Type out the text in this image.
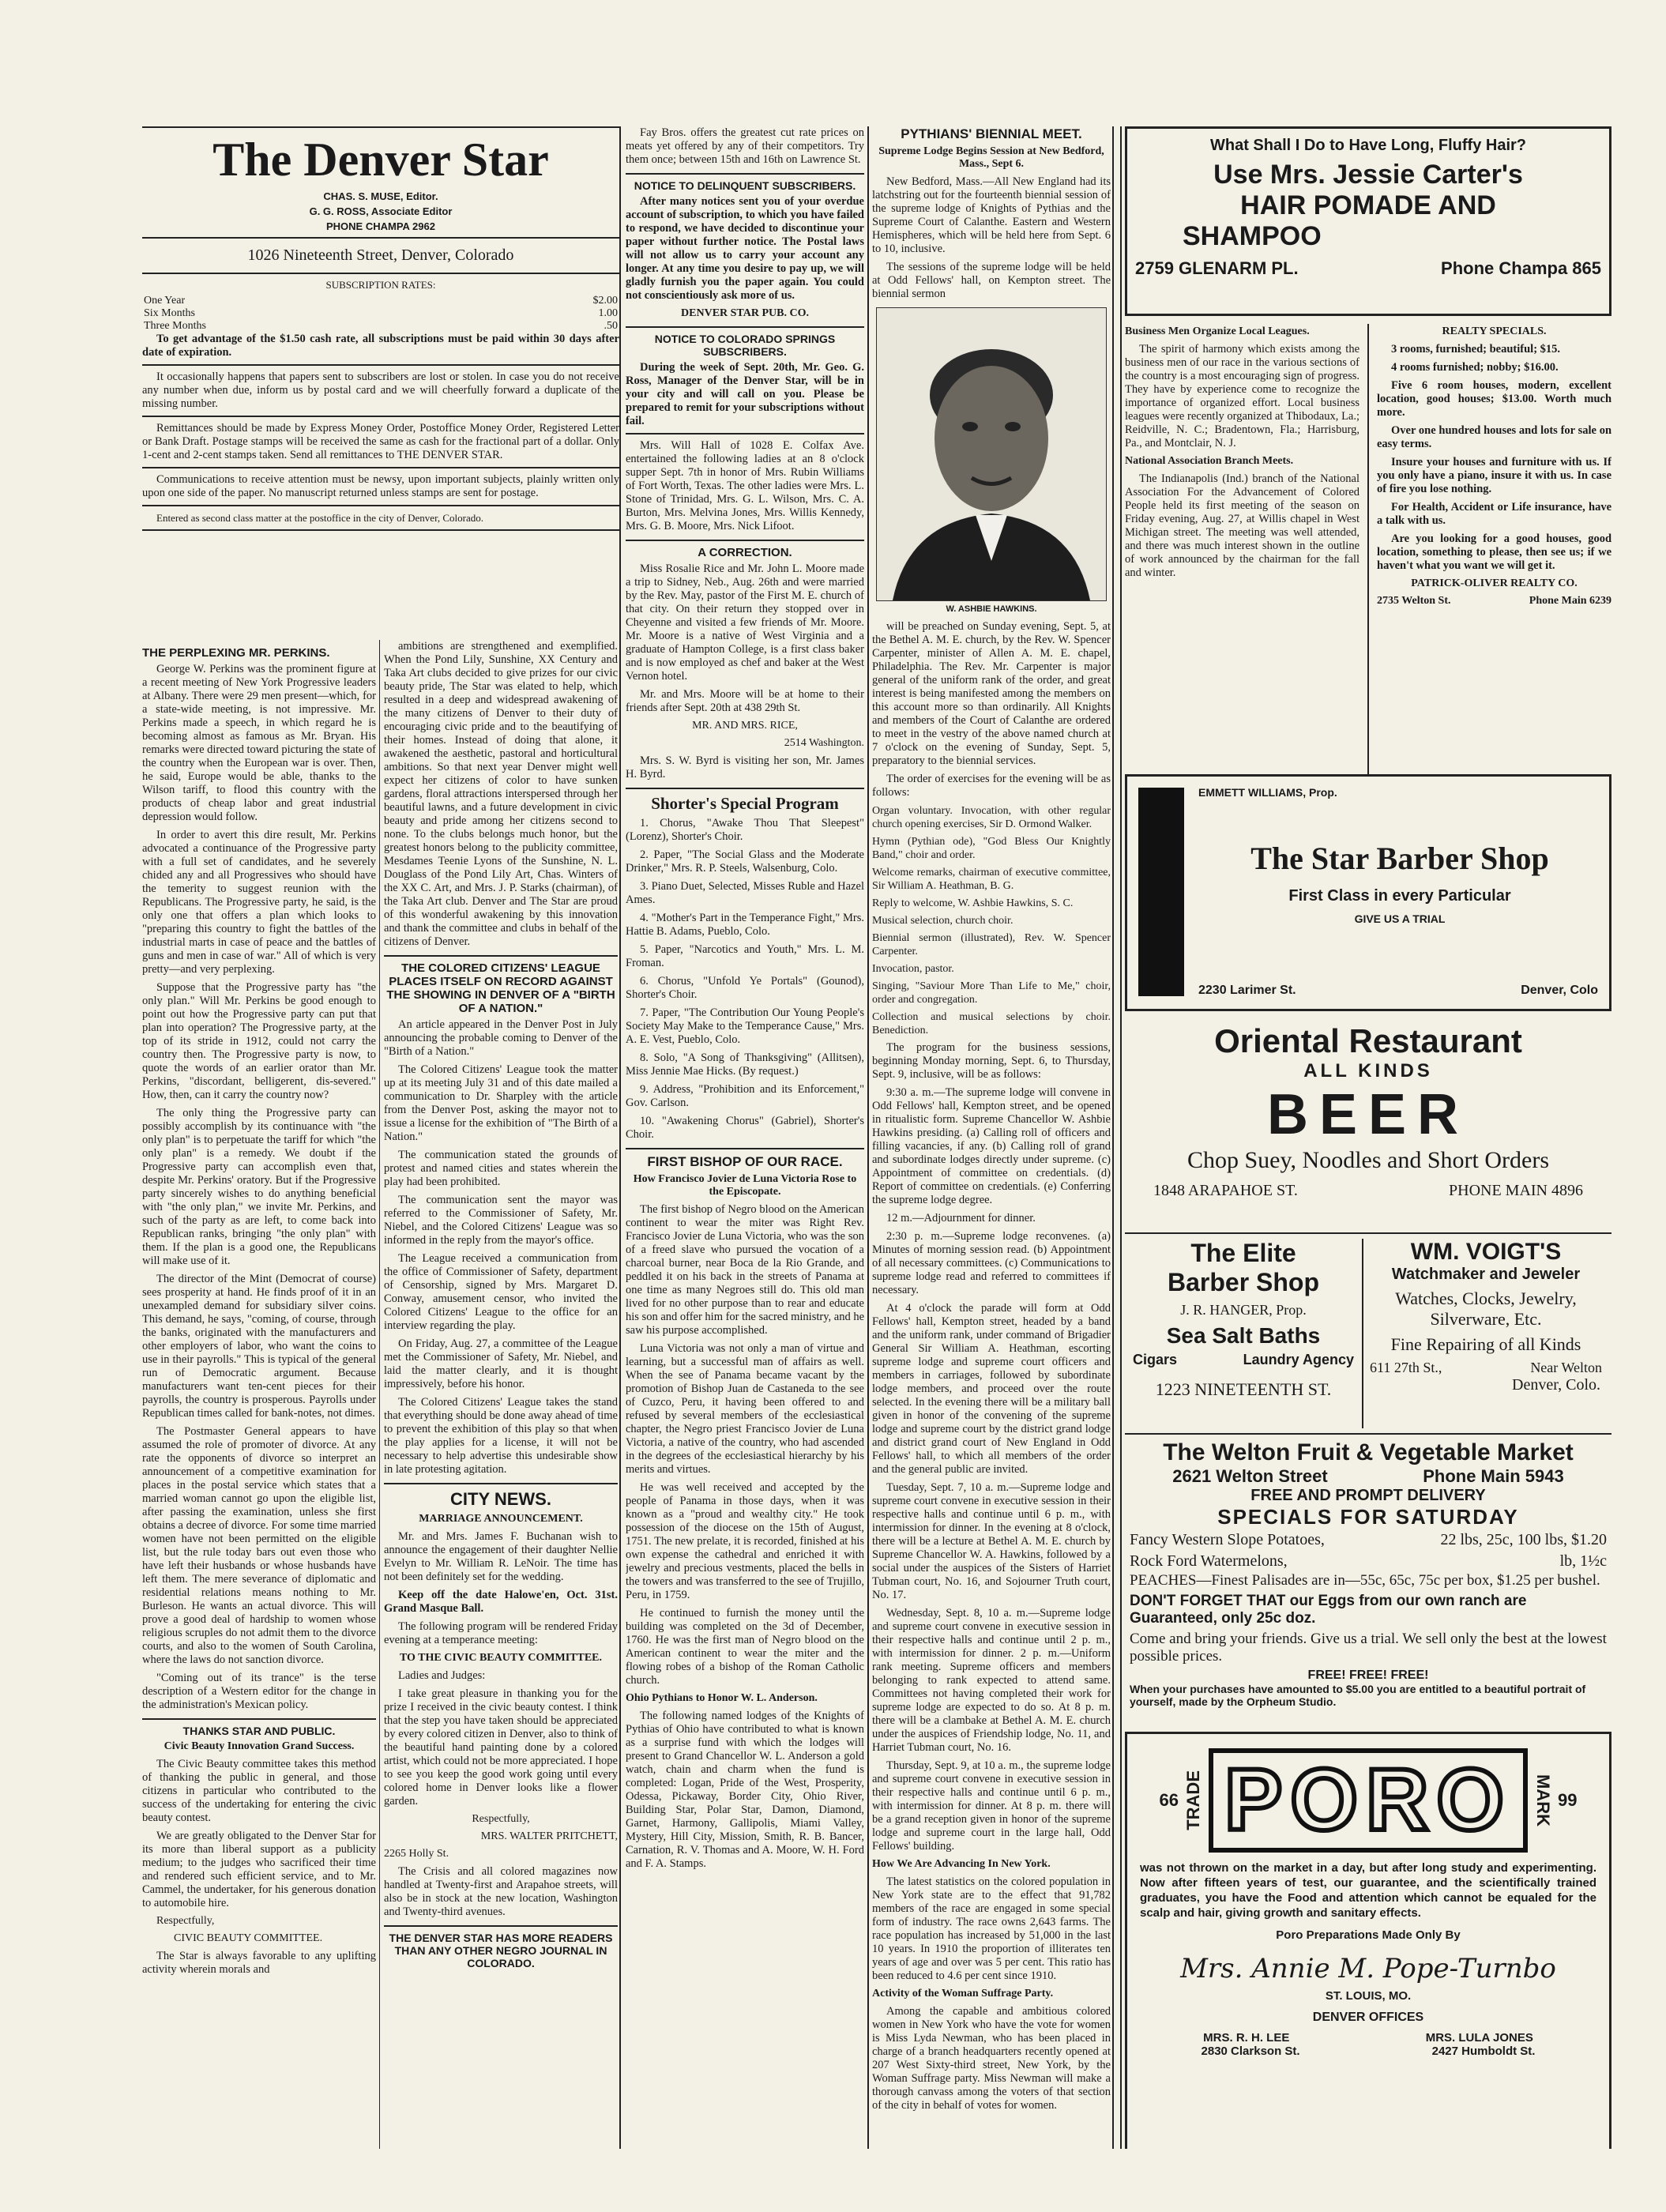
The Denver Star
CHAS. S. MUSE, Editor.
G. G. ROSS, Associate Editor
PHONE CHAMPA 2962
1026 Nineteenth Street, Denver, Colorado
SUBSCRIPTION RATES:
One Year	$2.00
Six Months	1.00
Three Months	.50

To get advantage of the $1.50 cash rate, all subscriptions must be paid within 30 days after date of expiration.

It occasionally happens that papers sent to subscribers are lost or stolen. In case you do not receive any number when due, inform us by postal card and we will cheerfully forward a duplicate of the missing number.

Remittances should be made by Express Money Order, Postoffice Money Order, Registered Letter or Bank Draft. Postage stamps will be received the same as cash for the fractional part of a dollar. Only 1-cent and 2-cent stamps taken. Send all remittances to THE DENVER STAR.

Communications to receive attention must be newsy, upon important subjects, plainly written only upon one side of the paper. No manuscript returned unless stamps are sent for postage.

Entered as second class matter at the postoffice in the city of Denver, Colorado.

THE PERPLEXING MR. PERKINS.

George W. Perkins was the prominent figure at a recent meeting of New York Progressive leaders at Albany. There were 29 men present—which, for a state-wide meeting, is not impressive. Mr. Perkins made a speech, in which regard he is becoming almost as famous as Mr. Bryan. His remarks were directed toward picturing the state of the country when the European war is over. Then, he said, Europe would be able, thanks to the Wilson tariff, to flood this country with the products of cheap labor and great industrial depression would follow.

In order to avert this dire result, Mr. Perkins advocated a continuance of the Progressive party with a full set of candidates, and he severely chided any and all Progressives who should have the temerity to suggest reunion with the Republicans. The Progressive party, he said, is the only one that offers a plan which looks to "preparing this country to fight the battles of the industrial marts in case of peace and the battles of guns and men in case of war." All of which is very pretty—and very perplexing.

Suppose that the Progressive party has "the only plan." Will Mr. Perkins be good enough to point out how the Progressive party can put that plan into operation? The Progressive party, at the top of its stride in 1912, could not carry the country then. The Progressive party is now, to quote the words of an earlier orator than Mr. Perkins, "discordant, belligerent, dis-severed." How, then, can it carry the country now?

The only thing the Progressive party can possibly accomplish by its continuance with "the only plan" is to perpetuate the tariff for which "the only plan" is a remedy. We doubt if the Progressive party can accomplish even that, despite Mr. Perkins' oratory. But if the Progressive party sincerely wishes to do anything beneficial with "the only plan," we invite Mr. Perkins, and such of the party as are left, to come back into Republican ranks, bringing "the only plan" with them. If the plan is a good one, the Republicans will make use of it.

The director of the Mint (Democrat of course) sees prosperity at hand. He finds proof of it in an unexampled demand for subsidiary silver coins. This demand, he says, "coming, of course, through the banks, originated with the manufacturers and other employers of labor, who want the coins to use in their payrolls." This is typical of the general run of Democratic argument. Because manufacturers want ten-cent pieces for their payrolls, the country is prosperous. Payrolls under Republican times called for bank-notes, not dimes.

The Postmaster General appears to have assumed the role of promoter of divorce. At any rate the opponents of divorce so interpret an announcement of a competitive examination for places in the postal service which states that a married woman cannot go upon the eligible list, after passing the examination, unless she first obtains a decree of divorce. For some time married women have not been permitted on the eligible list, but the rule today bars out even those who have left their husbands or whose husbands have left them. The mere severance of diplomatic and residential relations means nothing to Mr. Burleson. He wants an actual divorce. This will prove a good deal of hardship to women whose religious scruples do not admit them to the divorce courts, and also to the women of South Carolina, where the laws do not sanction divorce.

"Coming out of its trance" is the terse description of a Western editor for the change in the administration's Mexican policy.

THANKS STAR AND PUBLIC.
Civic Beauty Innovation Grand Success.

The Civic Beauty committee takes this method of thanking the public in general, and those citizens in particular who contributed to the success of the undertaking for entering the civic beauty contest.

We are greatly obligated to the Denver Star for its more than liberal support as a publicity medium; to the judges who sacrificed their time and rendered such efficient service, and to Mr. Cammel, the undertaker, for his generous donation to automobile hire.

Respectfully,
CIVIC BEAUTY COMMITTEE.

The Star is always favorable to any uplifting activity wherein morals and

ambitions are strengthened and exemplified. When the Pond Lily, Sunshine, XX Century and Taka Art clubs decided to give prizes for our civic beauty pride, The Star was elated to help, which resulted in a deep and widespread awakening of the many citizens of Denver to their duty of encouraging civic pride and to the beautifying of their homes. Instead of doing that alone, it awakened the aesthetic, pastoral and horticultural ambitions. So that next year Denver might well expect her citizens of color to have sunken gardens, floral attractions interspersed through her beautiful lawns, and a future development in civic beauty and pride among her citizens second to none. To the clubs belongs much honor, but the greatest honors belong to the publicity committee, Mesdames Teenie Lyons of the Sunshine, N. L. Douglass of the Pond Lily Art, Chas. Winters of the XX C. Art, and Mrs. J. P. Starks (chairman), of the Taka Art club. Denver and The Star are proud of this wonderful awakening by this innovation and thank the committee and clubs in behalf of the citizens of Denver.

THE COLORED CITIZENS' LEAGUE PLACES ITSELF ON RECORD AGAINST THE SHOWING IN DENVER OF A "BIRTH OF A NATION."

An article appeared in the Denver Post in July announcing the probable coming to Denver of the "Birth of a Nation."

The Colored Citizens' League took the matter up at its meeting July 31 and of this date mailed a communication to Dr. Sharpley with the article from the Denver Post, asking the mayor not to issue a license for the exhibition of "The Birth of a Nation."

The communication stated the grounds of protest and named cities and states wherein the play had been prohibited.

The communication sent the mayor was referred to the Commissioner of Safety, Mr. Niebel, and the Colored Citizens' League was so informed in the reply from the mayor's office.

The League received a communication from the office of Commissioner of Safety, department of Censorship, signed by Mrs. Margaret D. Conway, amusement censor, who invited the Colored Citizens' League to the office for an interview regarding the play.

On Friday, Aug. 27, a committee of the League met the Commissioner of Safety, Mr. Niebel, and laid the matter clearly, and it is thought impressively, before his honor.

The Colored Citizens' League takes the stand that everything should be done away ahead of time to prevent the exhibition of this play so that when the play applies for a license, it will not be necessary to help advertise this undesirable show in late protesting agitation.

CITY NEWS.
MARRIAGE ANNOUNCEMENT.

Mr. and Mrs. James F. Buchanan wish to announce the engagement of their daughter Nellie Evelyn to Mr. William R. LeNoir. The time has not been definitely set for the wedding.

Keep off the date Halowe'en, Oct. 31st. Grand Masque Ball.

The following program will be rendered Friday evening at a temperance meeting:

TO THE CIVIC BEAUTY COMMITTEE.

Ladies and Judges:

I take great pleasure in thanking you for the prize I received in the civic beauty contest. I think that the step you have taken should be appreciated by every colored citizen in Denver, also to think of the beautiful hand painting done by a colored artist, which could not be more appreciated. I hope to see you keep the good work going until every colored home in Denver looks like a flower garden.

Respectfully,
MRS. WALTER PRITCHETT,
2265 Holly St.

The Crisis and all colored magazines now handled at Twenty-first and Arapahoe streets, will also be in stock at the new location, Washington and Twenty-third avenues.

THE DENVER STAR HAS MORE READERS THAN ANY OTHER NEGRO JOURNAL IN COLORADO.

Fay Bros. offers the greatest cut rate prices on meats yet offered by any of their competitors. Try them once; between 15th and 16th on Lawrence St.

NOTICE TO DELINQUENT SUBSCRIBERS.

After many notices sent you of your overdue account of subscription, to which you have failed to respond, we have decided to discontinue your paper without further notice. The Postal laws will not allow us to carry your account any longer. At any time you desire to pay up, we will gladly furnish you the paper again. You could not conscientiously ask more of us.

DENVER STAR PUB. CO.
NOTICE TO COLORADO SPRINGS SUBSCRIBERS.

During the week of Sept. 20th, Mr. Geo. G. Ross, Manager of the Denver Star, will be in your city and will call on you. Please be prepared to remit for your subscriptions without fail.

Mrs. Will Hall of 1028 E. Colfax Ave. entertained the following ladies at an 8 o'clock supper Sept. 7th in honor of Mrs. Rubin Williams of Fort Worth, Texas. The other ladies were Mrs. L. Stone of Trinidad, Mrs. G. L. Wilson, Mrs. C. A. Burton, Mrs. Melvina Jones, Mrs. Willis Kennedy, Mrs. G. B. Moore, Mrs. Nick Lifoot.

A CORRECTION.

Miss Rosalie Rice and Mr. John L. Moore made a trip to Sidney, Neb., Aug. 26th and were married by the Rev. May, pastor of the First M. E. church of that city. On their return they stopped over in Cheyenne and visited a few friends of Mr. Moore. Mr. Moore is a native of West Virginia and a graduate of Hampton College, is a first class baker and is now employed as chef and baker at the West Vernon hotel.

Mr. and Mrs. Moore will be at home to their friends after Sept. 20th at 438 29th St.

MR. AND MRS. RICE,
2514 Washington.

Mrs. S. W. Byrd is visiting her son, Mr. James H. Byrd.

Shorter's Special Program

1. Chorus, "Awake Thou That Sleepest" (Lorenz), Shorter's Choir.

2. Paper, "The Social Glass and the Moderate Drinker," Mrs. R. P. Steels, Walsenburg, Colo.

3. Piano Duet, Selected, Misses Ruble and Hazel Ames.

4. "Mother's Part in the Temperance Fight," Mrs. Hattie B. Adams, Pueblo, Colo.

5. Paper, "Narcotics and Youth," Mrs. L. M. Froman.

6. Chorus, "Unfold Ye Portals" (Gounod), Shorter's Choir.

7. Paper, "The Contribution Our Young People's Society May Make to the Temperance Cause," Mrs. A. E. Vest, Pueblo, Colo.

8. Solo, "A Song of Thanksgiving" (Allitsen), Miss Jennie Mae Hicks. (By request.)

9. Address, "Prohibition and its Enforcement," Gov. Carlson.

10. "Awakening Chorus" (Gabriel), Shorter's Choir.

FIRST BISHOP OF OUR RACE.
How Francisco Jovier de Luna Victoria Rose to the Episcopate.

The first bishop of Negro blood on the American continent to wear the miter was Right Rev. Francisco Jovier de Luna Victoria, who was the son of a freed slave who pursued the vocation of a charcoal burner, near Boca de la Rio Grande, and peddled it on his back in the streets of Panama at one time as many Negroes still do. This old man lived for no other purpose than to rear and educate his son and offer him for the sacred ministry, and he saw his purpose accomplished.

Luna Victoria was not only a man of virtue and learning, but a successful man of affairs as well. When the see of Panama became vacant by the promotion of Bishop Juan de Castaneda to the see of Cuzco, Peru, it having been offered to and refused by several members of the ecclesiastical chapter, the Negro priest Francisco Jovier de Luna Victoria, a native of the country, who had ascended in the degrees of the ecclesiastical hierarchy by his merits and virtues.

He was well received and accepted by the people of Panama in those days, when it was known as a "proud and wealthy city." He took possession of the diocese on the 15th of August, 1751. The new prelate, it is recorded, finished at his own expense the cathedral and enriched it with jewelry and precious vestments, placed the bells in the towers and was transferred to the see of Trujillo, Peru, in 1759.

He continued to furnish the money until the building was completed on the 3d of December, 1760. He was the first man of Negro blood on the American continent to wear the miter and the flowing robes of a bishop of the Roman Catholic church.

Ohio Pythians to Honor W. L. Anderson.

The following named lodges of the Knights of Pythias of Ohio have contributed to what is known as a surprise fund with which the lodges will present to Grand Chancellor W. L. Anderson a gold watch, chain and charm when the fund is completed: Logan, Pride of the West, Prosperity, Odessa, Pickaway, Border City, Ohio River, Building Star, Polar Star, Damon, Diamond, Garnet, Harmony, Gallipolis, Miami Valley, Mystery, Hill City, Mission, Smith, R. B. Bancer, Carnation, R. V. Thomas and A. Moore, W. H. Ford and F. A. Stamps.

PYTHIANS' BIENNIAL MEET.
Supreme Lodge Begins Session at New Bedford, Mass., Sept 6.

New Bedford, Mass.—All New England had its latchstring out for the fourteenth biennial session of the supreme lodge of Knights of Pythias and the Supreme Court of Calanthe. Eastern and Western Hemispheres, which will be held here from Sept. 6 to 10, inclusive.

The sessions of the supreme lodge will be held at Odd Fellows' hall, on Kempton street. The biennial sermon

W. ASHBIE HAWKINS.

will be preached on Sunday evening, Sept. 5, at the Bethel A. M. E. church, by the Rev. W. Spencer Carpenter, minister of Allen A. M. E. chapel, Philadelphia. The Rev. Mr. Carpenter is major general of the uniform rank of the order, and great interest is being manifested among the members on this account more so than ordinarily. All Knights and members of the Court of Calanthe are ordered to meet in the vestry of the above named church at 7 o'clock on the evening of Sunday, Sept. 5, preparatory to the biennial services.

The order of exercises for the evening will be as follows:

Organ voluntary. Invocation, with other regular church opening exercises, Sir D. Ormond Walker.

Hymn (Pythian ode), "God Bless Our Knightly Band," choir and order.

Welcome remarks, chairman of executive committee, Sir William A. Heathman, B. G.

Reply to welcome, W. Ashbie Hawkins, S. C.

Musical selection, church choir.

Biennial sermon (illustrated), Rev. W. Spencer Carpenter.

Invocation, pastor.

Singing, "Saviour More Than Life to Me," choir, order and congregation.

Collection and musical selections by choir. Benediction.

The program for the business sessions, beginning Monday morning, Sept. 6, to Thursday, Sept. 9, inclusive, will be as follows:

9:30 a. m.—The supreme lodge will convene in Odd Fellows' hall, Kempton street, and be opened in ritualistic form. Supreme Chancellor W. Ashbie Hawkins presiding. (a) Calling roll of officers and filling vacancies, if any. (b) Calling roll of grand and subordinate lodges directly under supreme. (c) Appointment of committee on credentials. (d) Report of committee on credentials. (e) Conferring the supreme lodge degree.

12 m.—Adjournment for dinner.

2:30 p. m.—Supreme lodge reconvenes. (a) Minutes of morning session read. (b) Appointment of all necessary committees. (c) Communications to supreme lodge read and referred to committees if necessary.

At 4 o'clock the parade will form at Odd Fellows' hall, Kempton street, headed by a band and the uniform rank, under command of Brigadier General Sir William A. Heathman, escorting supreme lodge and supreme court officers and members in carriages, followed by subordinate lodge members, and proceed over the route selected. In the evening there will be a military ball given in honor of the convening of the supreme lodge and supreme court by the district grand lodge and district grand court of New England in Odd Fellows' hall, to which all members of the order and the general public are invited.

Tuesday, Sept. 7, 10 a. m.—Supreme lodge and supreme court convene in executive session in their respective halls and continue until 6 p. m., with intermission for dinner. In the evening at 8 o'clock, there will be a lecture at Bethel A. M. E. church by Supreme Chancellor W. A. Hawkins, followed by a social under the auspices of the Sisters of Harriet Tubman court, No. 16, and Sojourner Truth court, No. 17.

Wednesday, Sept. 8, 10 a. m.—Supreme lodge and supreme court convene in executive session in their respective halls and continue until 2 p. m., with intermission for dinner. 2 p. m.—Uniform rank meeting. Supreme officers and members belonging to rank expected to attend same. Committees not having completed their work for supreme lodge are expected to do so. At 8 p. m. there will be a clambake at Bethel A. M. E. church under the auspices of Friendship lodge, No. 11, and Harriet Tubman court, No. 16.

Thursday, Sept. 9, at 10 a. m., the supreme lodge and supreme court convene in executive session in their respective halls and continue until 6 p. m., with intermission for dinner. At 8 p. m. there will be a grand reception given in honor of the supreme lodge and supreme court in the large hall, Odd Fellows' building.

How We Are Advancing In New York.

The latest statistics on the colored population in New York state are to the effect that 91,782 members of the race are engaged in some special form of industry. The race owns 2,643 farms. The race population has increased by 51,000 in the last 10 years. In 1910 the proportion of illiterates ten years of age and over was 5 per cent. This ratio has been reduced to 4.6 per cent since 1910.

Activity of the Woman Suffrage Party.

Among the capable and ambitious colored women in New York who have the vote for women is Miss Lyda Newman, who has been placed in charge of a branch headquarters recently opened at 207 West Sixty-third street, New York, by the Woman Suffrage party. Miss Newman will make a thorough canvass among the voters of that section of the city in behalf of votes for women.

What Shall I Do to Have Long, Fluffy Hair?
Use Mrs. Jessie Carter's
HAIR POMADE AND
SHAMPOO
2759 GLENARM PL.	Phone Champa 865
Business Men Organize Local Leagues.

The spirit of harmony which exists among the business men of our race in the various sections of the country is a most encouraging sign of progress. They have by experience come to recognize the importance of organized effort. Local business leagues were recently organized at Thibodaux, La.; Reidville, N. C.; Bradentown, Fla.; Harrisburg, Pa., and Montclair, N. J.

National Association Branch Meets.

The Indianapolis (Ind.) branch of the National Association For the Advancement of Colored People held its first meeting of the season on Friday evening, Aug. 27, at Willis chapel in West Michigan street. The meeting was well attended, and there was much interest shown in the outline of work announced by the chairman for the fall and winter.

REALTY SPECIALS.

3 rooms, furnished; beautiful; $15.

4 rooms furnished; nobby; $16.00.

Five 6 room houses, modern, excellent location, good houses; $13.00. Worth much more.

Over one hundred houses and lots for sale on easy terms.

Insure your houses and furniture with us. If you only have a piano, insure it with us. In case of fire you lose nothing.

For Health, Accident or Life insurance, have a talk with us.

Are you looking for a good houses, good location, something to please, then see us; if we haven't what you want we will get it.

PATRICK-OLIVER REALTY CO.
2735 Welton St.	Phone Main 6239
EMMETT WILLIAMS, Prop.
The Star Barber Shop
First Class in every Particular
GIVE US A TRIAL
2230 Larimer St.	Denver, Colo
Oriental Restaurant
ALL KINDS
BEER
Chop Suey, Noodles and Short Orders
1848 ARAPAHOE ST.	PHONE MAIN 4896
The Elite
Barber Shop
J. R. HANGER, Prop.
Sea Salt Baths
Cigars	Laundry Agency
1223 NINETEENTH ST.
WM. VOIGT'S
Watchmaker and Jeweler
Watches, Clocks, Jewelry, Silverware, Etc.
Fine Repairing of all Kinds
611 27th St.,	Near Welton
Denver, Colo.
The Welton Fruit & Vegetable Market
2621 Welton Street	Phone Main 5943
FREE AND PROMPT DELIVERY
SPECIALS FOR SATURDAY
Fancy Western Slope Potatoes,	22 lbs, 25c, 100 lbs, $1.20
Rock Ford Watermelons,	lb, 1½c
PEACHES—Finest Palisades are in—55c, 65c, 75c per box, $1.25 per bushel.
DON'T FORGET THAT our Eggs from our own ranch are Guaranteed, only 25c doz.
Come and bring your friends. Give us a trial. We sell only the best at the lowest possible prices.
FREE! FREE! FREE!
When your purchases have amounted to $5.00 you are entitled to a beautiful portrait of yourself, made by the Orpheum Studio.
66 TRADE PORO	MARK 99
was not thrown on the market in a day, but after long study and experimenting. Now after fifteen years of test, our guarantee, and the scientifically trained graduates, you have the Food and attention which cannot be equaled for the scalp and hair, giving growth and sanitary effects.
Poro Preparations Made Only By
Mrs. Annie M. Pope-Turnbo
ST. LOUIS, MO.
DENVER OFFICES
MRS. R. H. LEE	MRS. LULA JONES
2830 Clarkson St.	2427 Humboldt St.
